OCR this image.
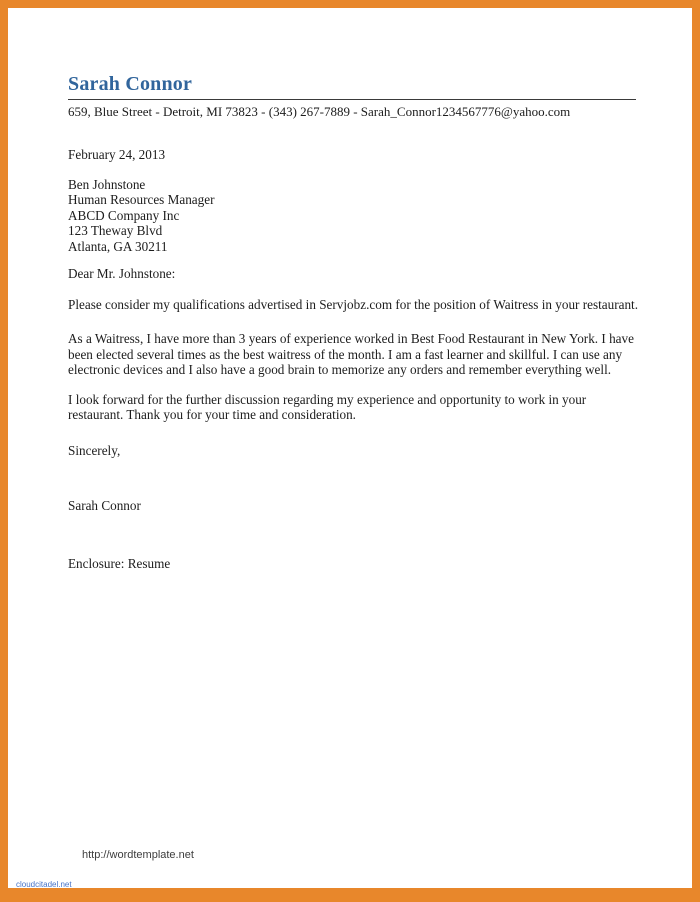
Sarah Connor
659, Blue Street - Detroit, MI 73823 - (343) 267-7889 - Sarah_Connor1234567776@yahoo.com
February 24, 2013
Ben Johnstone
Human Resources Manager
ABCD Company Inc
123 Theway Blvd
Atlanta, GA 30211
Dear Mr. Johnstone:
Please consider my qualifications advertised in Servjobz.com for the position of Waitress in your restaurant.
As a Waitress, I have more than 3 years of experience worked in Best Food Restaurant in New York. I have been elected several times as the best waitress of the month. I am a fast learner and skillful. I can use any electronic devices and I also have a good brain to memorize any orders and remember everything well.
I look forward for the further discussion regarding my experience and opportunity to work in your restaurant. Thank you for your time and consideration.
Sincerely,
Sarah Connor
Enclosure: Resume
http://wordtemplate.net
cloudcitadel.net
Report
